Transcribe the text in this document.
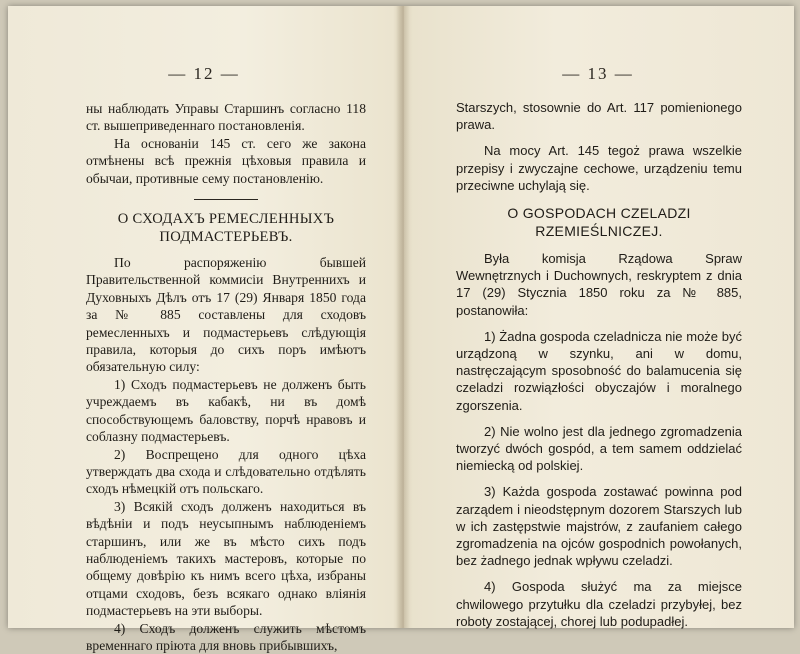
— 12 —

ны наблюдать Управы Старшинъ согласно 118 ст. вышеприведеннаго постановленія.

На основаніи 145 ст. сего же закона отмѣнены всѣ прежнія цѣховыя правила и обычаи, противные сему постановленію.

О СХОДАХЪ РЕМЕСЛЕННЫХЪ ПОДМАСТЕРЬЕВЪ.

По распоряженію бывшей Правительственной коммисіи Внутреннихъ и Духовныхъ Дѣлъ отъ 17 (29) Января 1850 года за № 885 составлены для сходовъ ремесленныхъ и подмастерьевъ слѣдующія правила, которыя до сихъ поръ имѣютъ обязательную силу:

1) Сходъ подмастерьевъ не долженъ быть учреждаемъ въ кабакѣ, ни въ домѣ способствующемъ баловству, порчѣ нравовъ и соблазну подмастерьевъ.

2) Воспрещено для одного цѣха утверждать два схода и слѣдовательно отдѣлять сходъ нѣмецкій отъ польскаго.

3) Всякій сходъ долженъ находиться въ вѣдѣніи и подъ неусыпнымъ наблюденіемъ старшинъ, или же въ мѣсто сихъ подъ наблюденіемъ такихъ мастеровъ, которые по общему довѣрію къ нимъ всего цѣха, избраны отцами сходовъ, безъ всякаго однако вліянія подмастерьевъ на эти выборы.

4) Сходъ долженъ служить мѣстомъ временнаго пріюта для вновь прибывшихъ,

— 13 —

Starszych, stosownie do Art. 117 pomienionego prawa.

Na mocy Art. 145 tegoż prawa wszelkie przepisy i zwyczajne cechowe, urządzeniu temu przeciwne uchylają się.

O GOSPODACH CZELADZI RZEMIEŚLNICZEJ.

Była komisja Rządowa Spraw Wewnętrznych i Duchownych, reskryptem z dnia 17 (29) Stycznia 1850 roku za № 885, postanowiła:

1) Żadna gospoda czeladnicza nie może być urządzoną w szynku, ani w domu, nastręczającym sposobność do balamucenia się czeladzi rozwiązłości obyczajów i moralnego zgorszenia.

2) Nie wolno jest dla jednego zgromadzenia tworzyć dwóch gospód, a tem samem oddzielać niemiecką od polskiej.

3) Każda gospoda zostawać powinna pod zarządem i nieodstępnym dozorem Starszych lub w ich zastępstwie majstrów, z zaufaniem całego zgromadzenia na ojców gospodnich powołanych, bez żadnego jednak wpływu czeladzi.

4) Gospoda służyć ma za miejsce chwilowego przytułku dla czeladzi przybyłej, bez roboty zostającej, chorej lub podupadłej.
